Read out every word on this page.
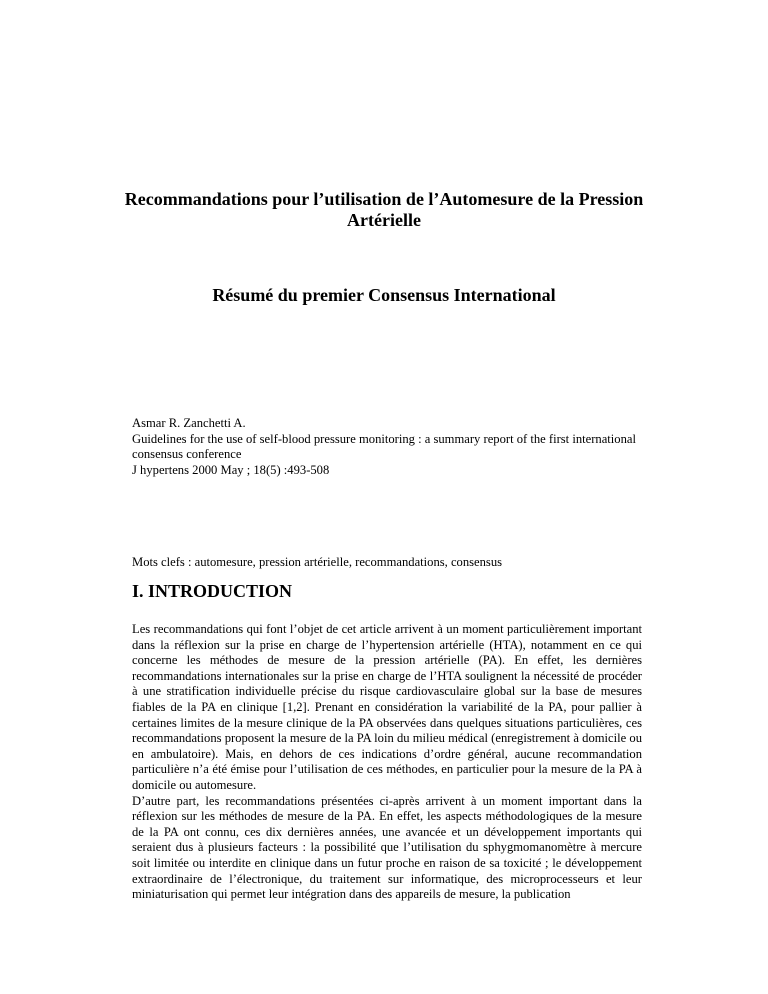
Recommandations pour l’utilisation de l’Automesure de la Pression Artérielle
Résumé du premier Consensus International
Asmar R. Zanchetti A.
Guidelines for the use of self-blood pressure monitoring : a summary report of the first international consensus conference
J hypertens 2000 May ; 18(5) :493-508
Mots clefs : automesure, pression artérielle, recommandations, consensus
I. INTRODUCTION

Les recommandations qui font l’objet de cet article arrivent à un moment particulièrement important dans la réflexion sur la prise en charge de l’hypertension artérielle (HTA), notamment en ce qui concerne les méthodes de mesure de la pression artérielle (PA). En effet, les dernières recommandations internationales sur la prise en charge de l’HTA soulignent la nécessité de procéder à une stratification individuelle précise du risque cardiovasculaire global sur la base de mesures fiables de la PA en clinique [1,2]. Prenant en considération la variabilité de la PA, pour pallier à certaines limites de la mesure clinique de la PA observées dans quelques situations particulières, ces recommandations proposent la mesure de la PA loin du milieu médical (enregistrement à domicile ou en ambulatoire). Mais, en dehors de ces indications d’ordre général, aucune recommandation particulière n’a été émise pour l’utilisation de ces méthodes, en particulier pour la mesure de la PA à domicile ou automesure.

D’autre part, les recommandations présentées ci-après arrivent à un moment important dans la réflexion sur les méthodes de mesure de la PA. En effet, les aspects méthodologiques de la mesure de la PA ont connu, ces dix dernières années, une avancée et un développement importants qui seraient dus à plusieurs facteurs : la possibilité que l’utilisation du sphygmomanomètre à mercure soit limitée ou interdite en clinique dans un futur proche en raison de sa toxicité ; le développement extraordinaire de l’électronique, du traitement sur informatique, des microprocesseurs et leur miniaturisation qui permet leur intégration dans des appareils de mesure, la publication
